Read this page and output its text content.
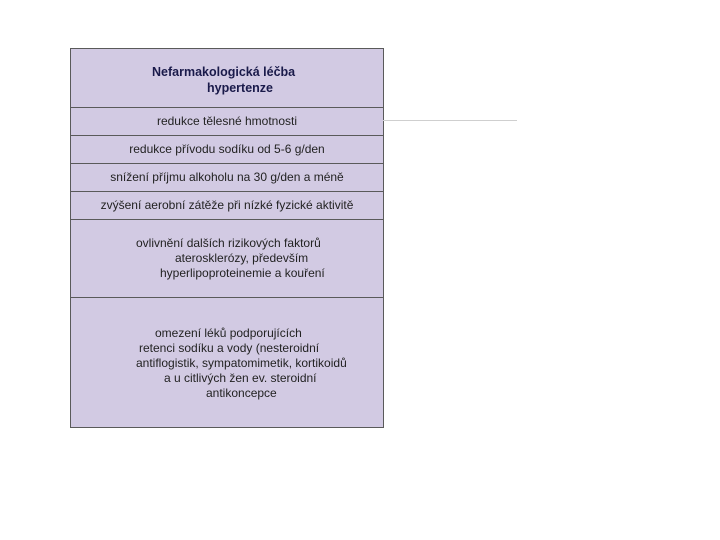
Nefarmakologická léčba
hypertenze
redukce tělesné hmotnosti
redukce přívodu sodíku od 5-6 g/den
snížení příjmu alkoholu na 30 g/den a méně
zvýšení aerobní zátěže při nízké fyzické aktivitě
ovlivnění dalších rizikových faktorů
aterosklerózy, především
hyperlipoproteinemie a kouření
omezení léků podporujících
retenci sodíku a vody (nesteroidní
antiflogistik, sympatomimetik, kortikoidů
a u citlivých žen ev. steroidní
antikoncepce
